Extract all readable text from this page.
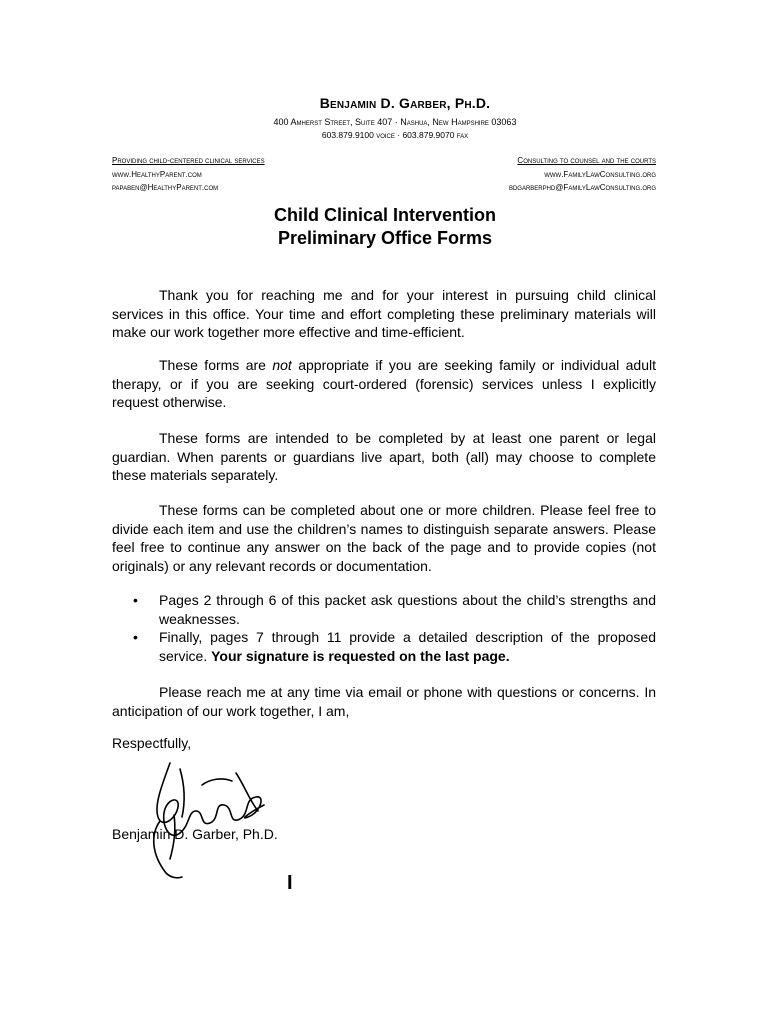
Benjamin D. Garber, Ph.D.
400 Amherst Street, Suite 407 · Nashua, New Hampshire 03063
603.879.9100 voice · 603.879.9070 fax
Providing child-centered clinical services
www.HealthyParent.com
papaben@HealthyParent.com
Consulting to counsel and the courts
www.FamilyLawConsulting.org
bdgarberphd@FamilyLawConsulting.org
Child Clinical Intervention
Preliminary Office Forms

Thank you for reaching me and for your interest in pursuing child clinical services in this office. Your time and effort completing these preliminary materials will make our work together more effective and time-efficient.

These forms are not appropriate if you are seeking family or individual adult therapy, or if you are seeking court-ordered (forensic) services unless I explicitly request otherwise.

These forms are intended to be completed by at least one parent or legal guardian. When parents or guardians live apart, both (all) may choose to complete these materials separately.

These forms can be completed about one or more children. Please feel free to divide each item and use the children’s names to distinguish separate answers. Please feel free to continue any answer on the back of the page and to provide copies (not originals) or any relevant records or documentation.

• Pages 2 through 6 of this packet ask questions about the child’s strengths and weaknesses.
• Finally, pages 7 through 11 provide a detailed description of the proposed service. Your signature is requested on the last page.

Please reach me at any time via email or phone with questions or concerns. In anticipation of our work together, I am,

Respectfully,
Benjamin D. Garber, Ph.D.
I
